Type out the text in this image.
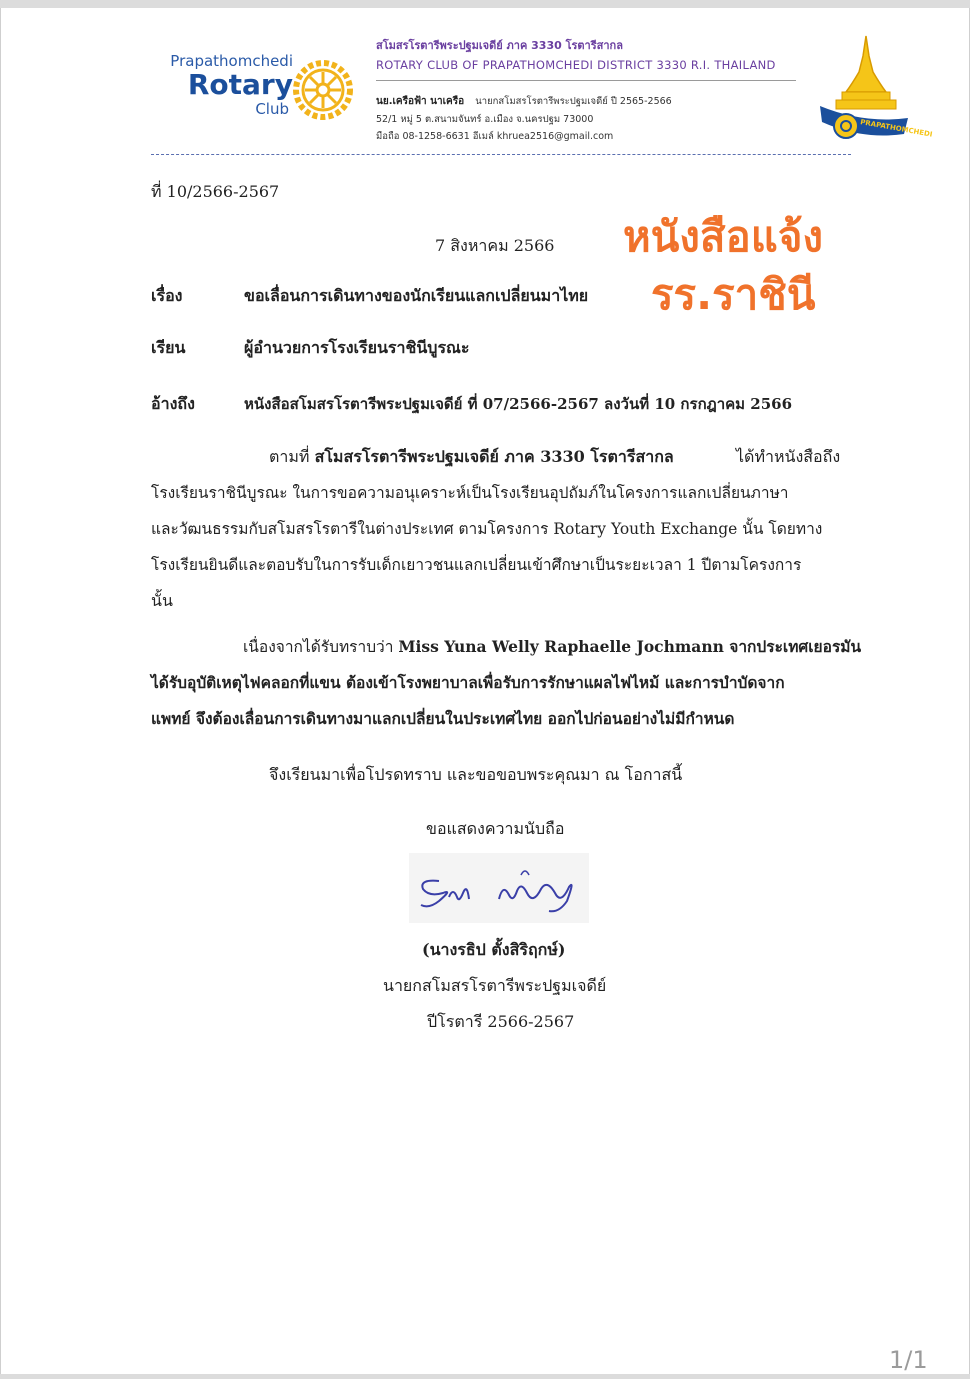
Prapathomchedi
Rotary
Club
สโมสรโรตารีพระปฐมเจดีย์ ภาค 3330 โรตารีสากล
ROTARY CLUB OF PRAPATHOMCHEDI DISTRICT 3330 R.I. THAILAND
นย.เครือฟ้า นาเครือ นายกสโมสรโรตารีพระปฐมเจดีย์ ปี 2565-2566
52/1 หมู่ 5 ต.สนามจันทร์ อ.เมือง จ.นครปฐม 73000
มือถือ 08-1258-6631 อีเมล์ khruea2516@gmail.com	PRAPATHOMCHEDI
หนังสือแจ้ง
รร.ราชินี
ที่ 10/2566-2567
7 สิงหาคม 2566
เรื่อง	ขอเลื่อนการเดินทางของนักเรียนแลกเปลี่ยนมาไทย
เรียน	ผู้อำนวยการโรงเรียนราชินีบูรณะ
อ้างถึง	หนังสือสโมสรโรตารีพระปฐมเจดีย์ ที่ 07/2566-2567 ลงวันที่ 10 กรกฎาคม 2566
ตามที่ สโมสรโรตารีพระปฐมเจดีย์ ภาค 3330 โรตารีสากล	ได้ทำหนังสือถึง
โรงเรียนราชินีบูรณะ ในการขอความอนุเคราะห์เป็นโรงเรียนอุปถัมภ์ในโครงการแลกเปลี่ยนภาษา
และวัฒนธรรมกับสโมสรโรตารีในต่างประเทศ ตามโครงการ Rotary Youth Exchange นั้น โดยทาง
โรงเรียนยินดีและตอบรับในการรับเด็กเยาวชนแลกเปลี่ยนเข้าศึกษาเป็นระยะเวลา 1 ปีตามโครงการ
นั้น
เนื่องจากได้รับทราบว่า Miss Yuna Welly Raphaelle Jochmann จากประเทศเยอรมัน
ได้รับอุบัติเหตุไฟคลอกที่แขน ต้องเข้าโรงพยาบาลเพื่อรับการรักษาแผลไฟไหม้ และการบำบัดจาก
แพทย์ จึงต้องเลื่อนการเดินทางมาแลกเปลี่ยนในประเทศไทย ออกไปก่อนอย่างไม่มีกำหนด
จึงเรียนมาเพื่อโปรดทราบ และขอขอบพระคุณมา ณ โอกาสนี้
ขอแสดงความนับถือ
(นางรธิป ตั้งสิริฤกษ์)
นายกสโมสรโรตารีพระปฐมเจดีย์
ปีโรตารี 2566-2567
1/1
